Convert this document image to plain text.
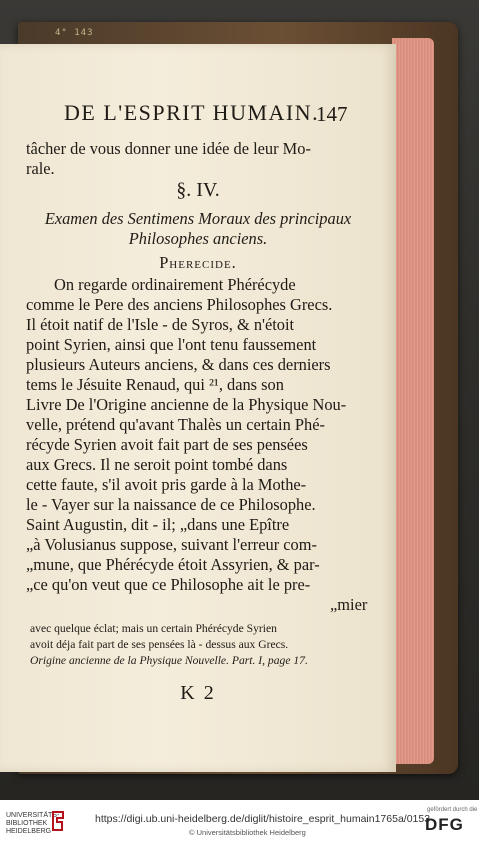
4° 143
DE L'ESPRIT HUMAIN.
147
tâcher de vous donner une idée de leur Mo-
rale.
§. IV.
Examen des Sentimens Moraux des principaux
Philosophes anciens.
Pherecide.
On regarde ordinairement Phérécyde
comme le Pere des anciens Philosophes Grecs.
Il étoit natif de l'Isle - de Syros, & n'étoit
point Syrien, ainsi que l'ont tenu faussement
plusieurs Auteurs anciens, & dans ces derniers
tems le Jésuite Renaud, qui ²¹, dans son
Livre De l'Origine ancienne de la Physique Nou-
velle, prétend qu'avant Thalès un certain Phé-
récyde Syrien avoit fait part de ses pensées
aux Grecs. Il ne seroit point tombé dans
cette faute, s'il avoit pris garde à la Mothe-
le - Vayer sur la naissance de ce Philosophe.
Saint Augustin, dit - il; „dans une Epître
„à Volusianus suppose, suivant l'erreur com-
„mune, que Phérécyde étoit Assyrien, & par-
„ce qu'on veut que ce Philosophe ait le pre-
„mier
avec quelque éclat; mais un certain Phérécyde Syrien
avoit déja fait part de ses pensées là - dessus aux Grecs.
Origine ancienne de la Physique Nouvelle. Part. I, page 17.
K 2
UNIVERSITÄTS-
BIBLIOTHEK
HEIDELBERG
https://digi.ub.uni-heidelberg.de/diglit/histoire_esprit_humain1765a/0153
© Universitätsbibliothek Heidelberg
gefördert durch die
DFG
